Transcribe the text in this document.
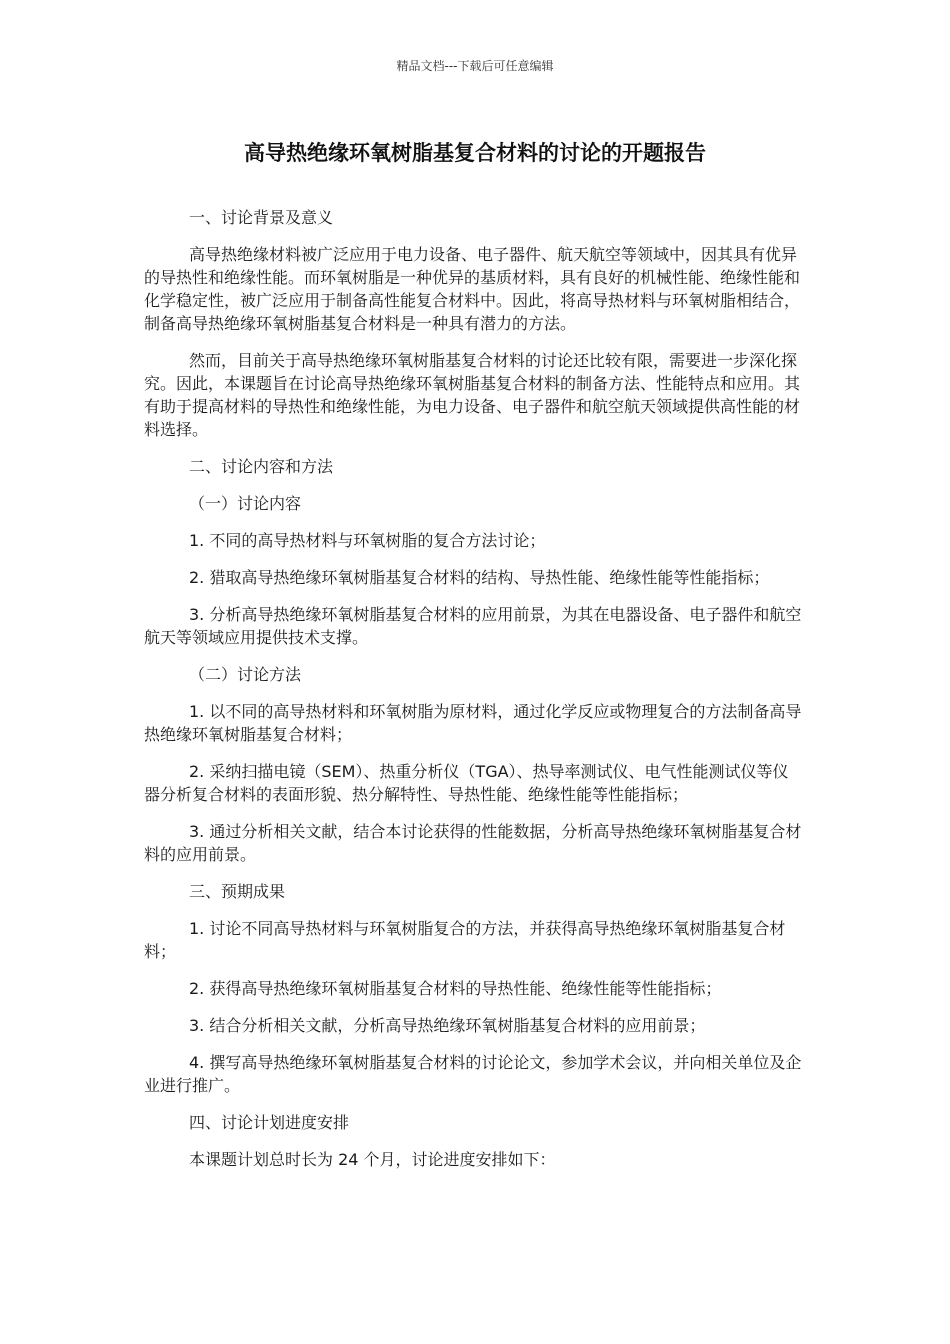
精品文档---下载后可任意编辑
高导热绝缘环氧树脂基复合材料的讨论的开题报告

一、讨论背景及意义

高导热绝缘材料被广泛应用于电力设备、电子器件、航天航空等领域中，因其具有优异的导热性和绝缘性能。而环氧树脂是一种优异的基质材料，具有良好的机械性能、绝缘性能和化学稳定性，被广泛应用于制备高性能复合材料中。因此，将高导热材料与环氧树脂相结合，制备高导热绝缘环氧树脂基复合材料是一种具有潜力的方法。

然而，目前关于高导热绝缘环氧树脂基复合材料的讨论还比较有限，需要进一步深化探究。因此，本课题旨在讨论高导热绝缘环氧树脂基复合材料的制备方法、性能特点和应用。其有助于提高材料的导热性和绝缘性能，为电力设备、电子器件和航空航天领域提供高性能的材料选择。

二、讨论内容和方法

（一）讨论内容

1. 不同的高导热材料与环氧树脂的复合方法讨论；

2. 猎取高导热绝缘环氧树脂基复合材料的结构、导热性能、绝缘性能等性能指标；

3. 分析高导热绝缘环氧树脂基复合材料的应用前景，为其在电器设备、电子器件和航空航天等领域应用提供技术支撑。

（二）讨论方法

1. 以不同的高导热材料和环氧树脂为原材料，通过化学反应或物理复合的方法制备高导热绝缘环氧树脂基复合材料；

2. 采纳扫描电镜（SEM）、热重分析仪（TGA）、热导率测试仪、电气性能测试仪等仪器分析复合材料的表面形貌、热分解特性、导热性能、绝缘性能等性能指标；

3. 通过分析相关文献，结合本讨论获得的性能数据，分析高导热绝缘环氧树脂基复合材料的应用前景。

三、预期成果

1. 讨论不同高导热材料与环氧树脂复合的方法，并获得高导热绝缘环氧树脂基复合材料；

2. 获得高导热绝缘环氧树脂基复合材料的导热性能、绝缘性能等性能指标；

3. 结合分析相关文献，分析高导热绝缘环氧树脂基复合材料的应用前景；

4. 撰写高导热绝缘环氧树脂基复合材料的讨论论文，参加学术会议，并向相关单位及企业进行推广。

四、讨论计划进度安排

本课题计划总时长为 24 个月，讨论进度安排如下：
